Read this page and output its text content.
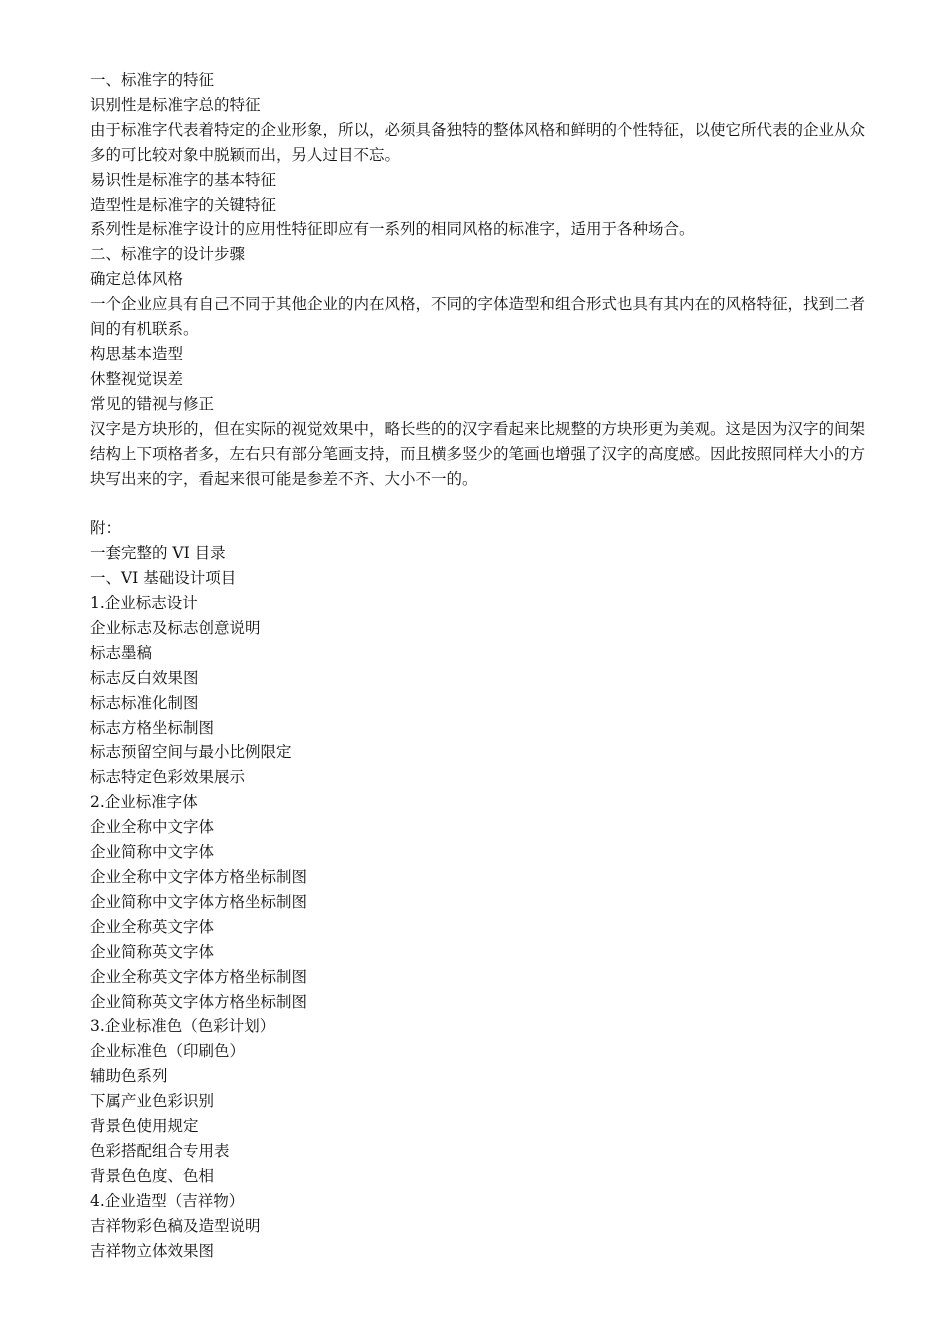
一、标准字的特征

识别性是标准字总的特征

由于标准字代表着特定的企业形象，所以，必须具备独特的整体风格和鲜明的个性特征，以使它所代表的企业从众多的可比较对象中脱颖而出，另人过目不忘。

易识性是标准字的基本特征

造型性是标准字的关键特征

系列性是标准字设计的应用性特征即应有一系列的相同风格的标准字，适用于各种场合。

二、标准字的设计步骤

确定总体风格

一个企业应具有自己不同于其他企业的内在风格，不同的字体造型和组合形式也具有其内在的风格特征，找到二者间的有机联系。

构思基本造型

休整视觉误差

常见的错视与修正

汉字是方块形的，但在实际的视觉效果中，略长些的的汉字看起来比规整的方块形更为美观。这是因为汉字的间架结构上下项格者多，左右只有部分笔画支持，而且横多竖少的笔画也增强了汉字的高度感。因此按照同样大小的方块写出来的字，看起来很可能是参差不齐、大小不一的。

附：

一套完整的 VI 目录

一、VI 基础设计项目

1.企业标志设计

企业标志及标志创意说明

标志墨稿

标志反白效果图

标志标准化制图

标志方格坐标制图

标志预留空间与最小比例限定

标志特定色彩效果展示

2.企业标准字体

企业全称中文字体

企业简称中文字体

企业全称中文字体方格坐标制图

企业简称中文字体方格坐标制图

企业全称英文字体

企业简称英文字体

企业全称英文字体方格坐标制图

企业简称英文字体方格坐标制图

3.企业标准色（色彩计划）

企业标准色（印刷色）

辅助色系列

下属产业色彩识别

背景色使用规定

色彩搭配组合专用表

背景色色度、色相

4.企业造型（吉祥物）

吉祥物彩色稿及造型说明

吉祥物立体效果图
